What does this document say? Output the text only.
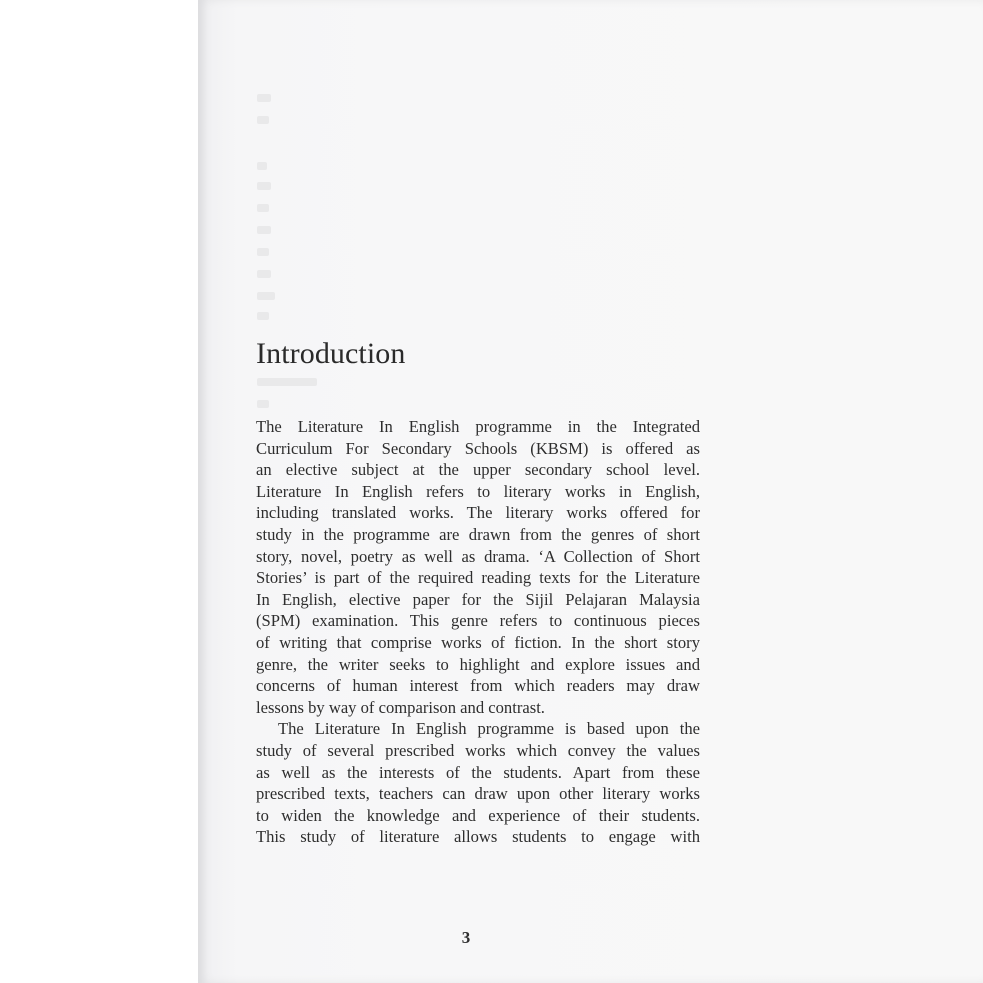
Introduction
The Literature In English programme in the Integrated
Curriculum For Secondary Schools (KBSM) is offered as
an elective subject at the upper secondary school level.
Literature In English refers to literary works in English,
including translated works. The literary works offered for
study in the programme are drawn from the genres of short
story, novel, poetry as well as drama. ‘A Collection of Short
Stories’ is part of the required reading texts for the Literature
In English, elective paper for the Sijil Pelajaran Malaysia
(SPM) examination. This genre refers to continuous pieces
of writing that comprise works of fiction. In the short story
genre, the writer seeks to highlight and explore issues and
concerns of human interest from which readers may draw
lessons by way of comparison and contrast.
The Literature In English programme is based upon the
study of several prescribed works which convey the values
as well as the interests of the students. Apart from these
prescribed texts, teachers can draw upon other literary works
to widen the knowledge and experience of their students.
This study of literature allows students to engage with
3
